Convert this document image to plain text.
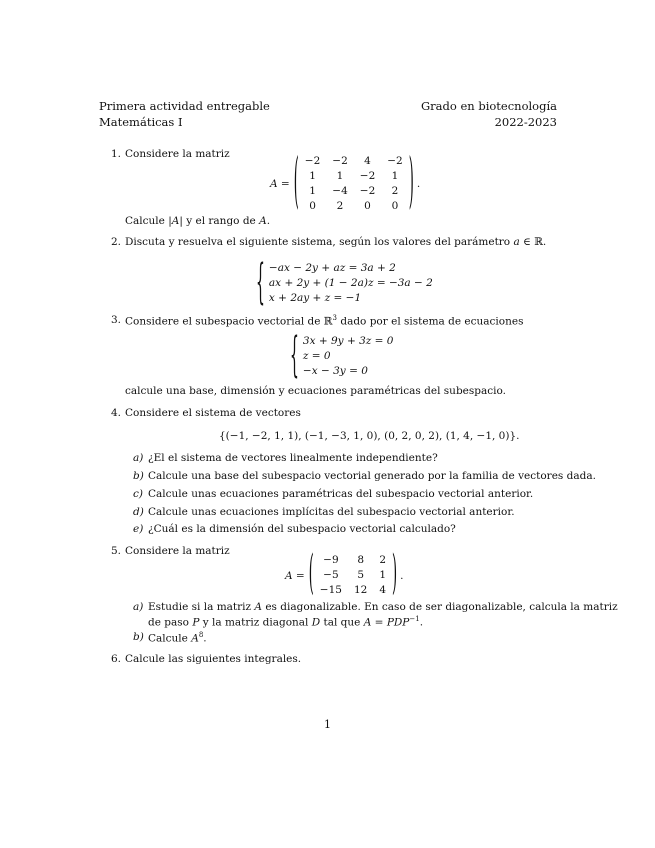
Primera actividad entregable
Matemáticas I
Grado en biotecnología
2022-2023
1. Considere la matriz
A = ( −2	−2	4	−2
1	1	−2	1
1	−4	−2	2
0	2	0	0 ) .
Calcule |A| y el rango de A.
2. Discuta y resuelva el siguiente sistema, según los valores del parámetro a ∈ ℝ.
{ −ax − 2y + az = 3a + 2
ax + 2y + (1 − 2a)z = −3a − 2
x + 2ay + z = −1
3. Considere el subespacio vectorial de ℝ$^3$ dado por el sistema de ecuaciones
{ 3x + 9y + 3z = 0
z = 0
−x − 3y = 0
calcule una base, dimensión y ecuaciones paramétricas del subespacio.
4. Considere el sistema de vectores
{(−1, −2, 1, 1), (−1, −3, 1, 0), (0, 2, 0, 2), (1, 4, −1, 0)}.
a) ¿El el sistema de vectores linealmente independiente?
b) Calcule una base del subespacio vectorial generado por la familia de vectores dada.
c) Calcule unas ecuaciones paramétricas del subespacio vectorial anterior.
d) Calcule unas ecuaciones implícitas del subespacio vectorial anterior.
e) ¿Cuál es la dimensión del subespacio vectorial calculado?
5. Considere la matriz
A = ( −9	8	2
−5	5	1
−15	12	4 ) .
a) Estudie si la matriz A es diagonalizable. En caso de ser diagonalizable, calcula la matriz
de paso P y la matriz diagonal D tal que $A = PDP^{-1}$.
b) Calcule $A^8$.
6. Calcule las siguientes integrales.
1
